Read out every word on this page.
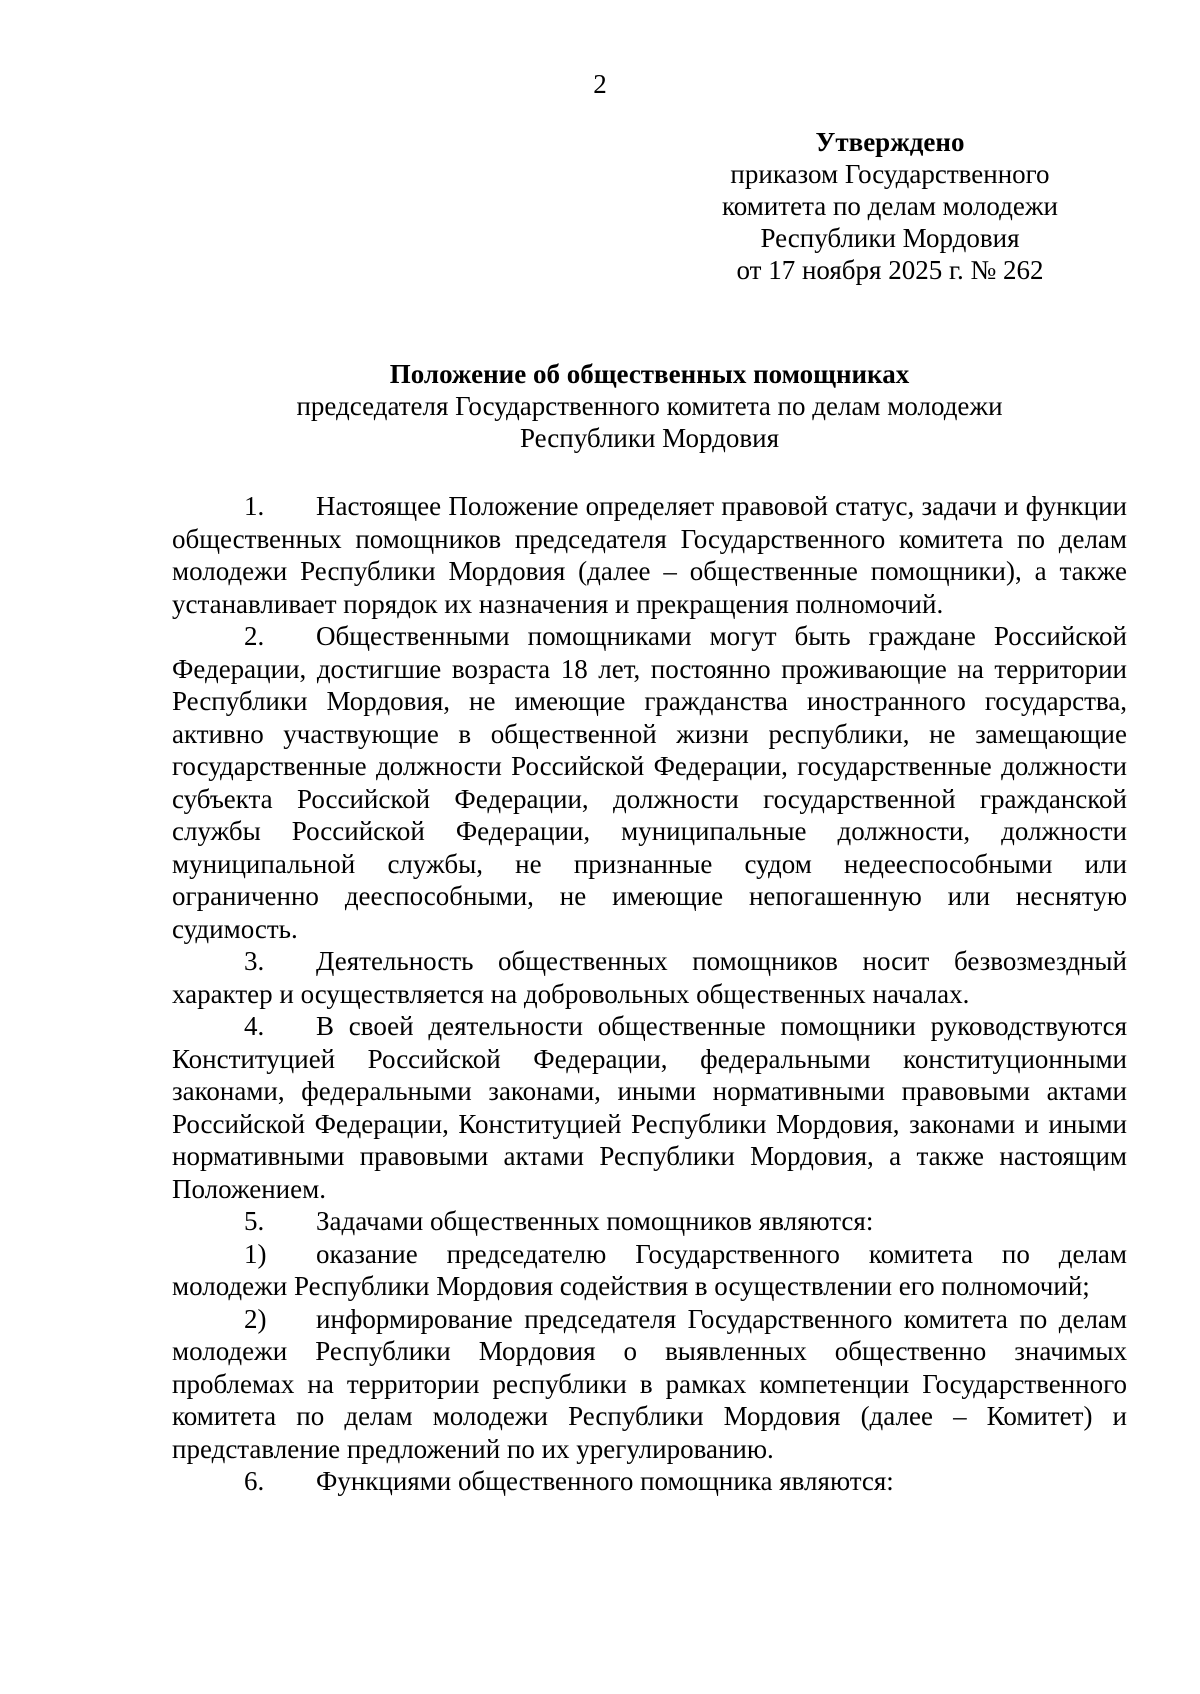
2
Утверждено
приказом Государственного
комитета по делам молодежи
Республики Мордовия
от 17 ноября 2025 г. № 262
Положение об общественных помощниках
председателя Государственного комитета по делам молодежи
Республики Мордовия

1. Настоящее Положение определяет правовой статус, задачи и функции общественных помощников председателя Государственного комитета по делам молодежи Республики Мордовия (далее – общественные помощники), а также устанавливает порядок их назначения и прекращения полномочий.

2. Общественными помощниками могут быть граждане Российской Федерации, достигшие возраста 18 лет, постоянно проживающие на территории Республики Мордовия, не имеющие гражданства иностранного государства, активно участвующие в общественной жизни республики, не замещающие государственные должности Российской Федерации, государственные должности субъекта Российской Федерации, должности государственной гражданской службы Российской Федерации, муниципальные должности, должности муниципальной службы, не признанные судом недееспособными или ограниченно дееспособными, не имеющие непогашенную или неснятую судимость.

3. Деятельность общественных помощников носит безвозмездный характер и осуществляется на добровольных общественных началах.

4. В своей деятельности общественные помощники руководствуются Конституцией Российской Федерации, федеральными конституционными законами, федеральными законами, иными нормативными правовыми актами Российской Федерации, Конституцией Республики Мордовия, законами и иными нормативными правовыми актами Республики Мордовия, а также настоящим Положением.

5. Задачами общественных помощников являются:

1) оказание председателю Государственного комитета по делам молодежи Республики Мордовия содействия в осуществлении его полномочий;

2) информирование председателя Государственного комитета по делам молодежи Республики Мордовия о выявленных общественно значимых проблемах на территории республики в рамках компетенции Государственного комитета по делам молодежи Республики Мордовия (далее – Комитет) и представление предложений по их урегулированию.

6. Функциями общественного помощника являются:
